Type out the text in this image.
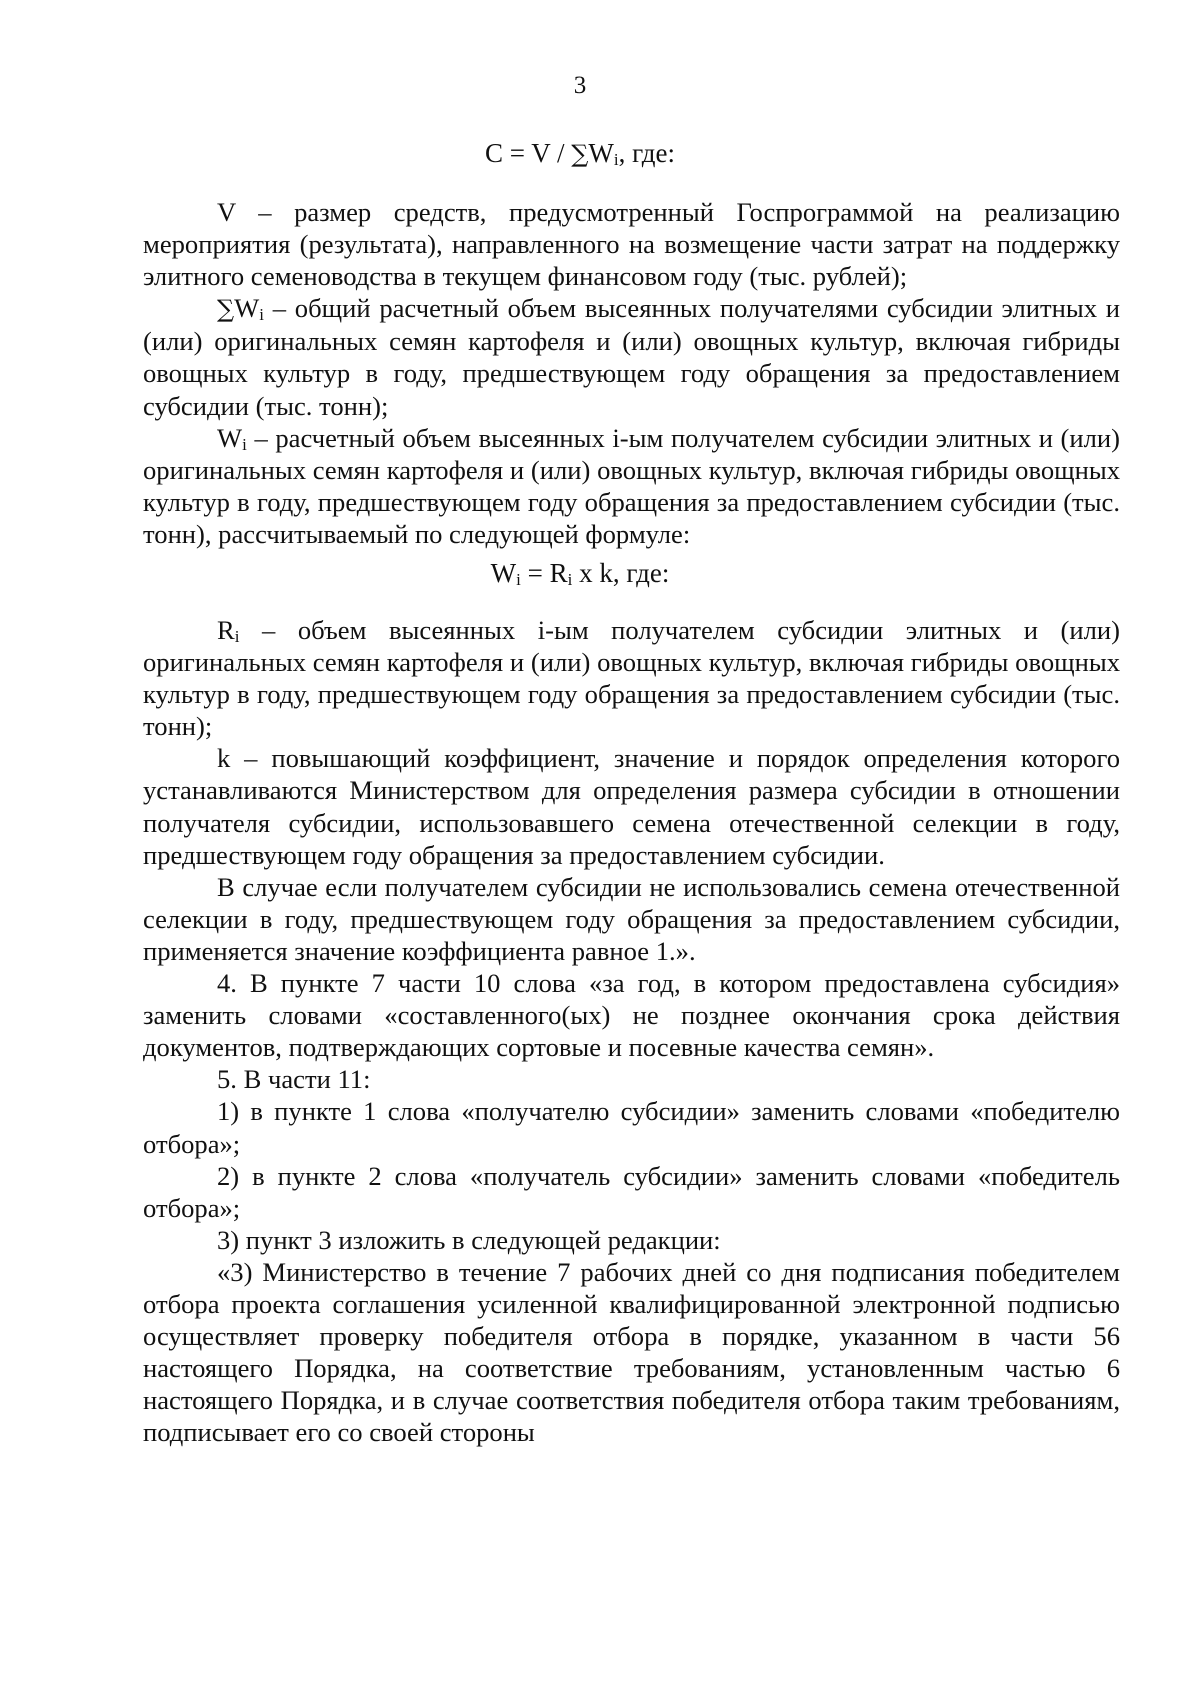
3
$C = V / \sum W_i$, где:

V – размер средств, предусмотренный Госпрограммой на реализацию мероприятия (результата), направленного на возмещение части затрат на поддержку элитного семеноводства в текущем финансовом году (тыс. рублей);

$\sum W_i$ – общий расчетный объем высеянных получателями субсидии элитных и (или) оригинальных семян картофеля и (или) овощных культур, включая гибриды овощных культур в году, предшествующем году обращения за предоставлением субсидии (тыс. тонн);

$W_i$ – расчетный объем высеянных i-ым получателем субсидии элитных и (или) оригинальных семян картофеля и (или) овощных культур, включая гибриды овощных культур в году, предшествующем году обращения за предоставлением субсидии (тыс. тонн), рассчитываемый по следующей формуле:

$W_i = R_i$ x k, где:

$R_i$ – объем высеянных i-ым получателем субсидии элитных и (или) оригинальных семян картофеля и (или) овощных культур, включая гибриды овощных культур в году, предшествующем году обращения за предоставлением субсидии (тыс. тонн);

k – повышающий коэффициент, значение и порядок определения которого устанавливаются Министерством для определения размера субсидии в отношении получателя субсидии, использовавшего семена отечественной селекции в году, предшествующем году обращения за предоставлением субсидии.

В случае если получателем субсидии не использовались семена отечественной селекции в году, предшествующем году обращения за предоставлением субсидии, применяется значение коэффициента равное 1.».

4. В пункте 7 части 10 слова «за год, в котором предоставлена субсидия» заменить словами «составленного(ых) не позднее окончания срока действия документов, подтверждающих сортовые и посевные качества семян».

5. В части 11:

1) в пункте 1 слова «получателю субсидии» заменить словами «победителю отбора»;

2) в пункте 2 слова «получатель субсидии» заменить словами «победитель отбора»;

3) пункт 3 изложить в следующей редакции:

«3) Министерство в течение 7 рабочих дней со дня подписания победителем отбора проекта соглашения усиленной квалифицированной электронной подписью осуществляет проверку победителя отбора в порядке, указанном в части 56 настоящего Порядка, на соответствие требованиям, установленным частью 6 настоящего Порядка, и в случае соответствия победителя отбора таким требованиям, подписывает его со своей стороны
